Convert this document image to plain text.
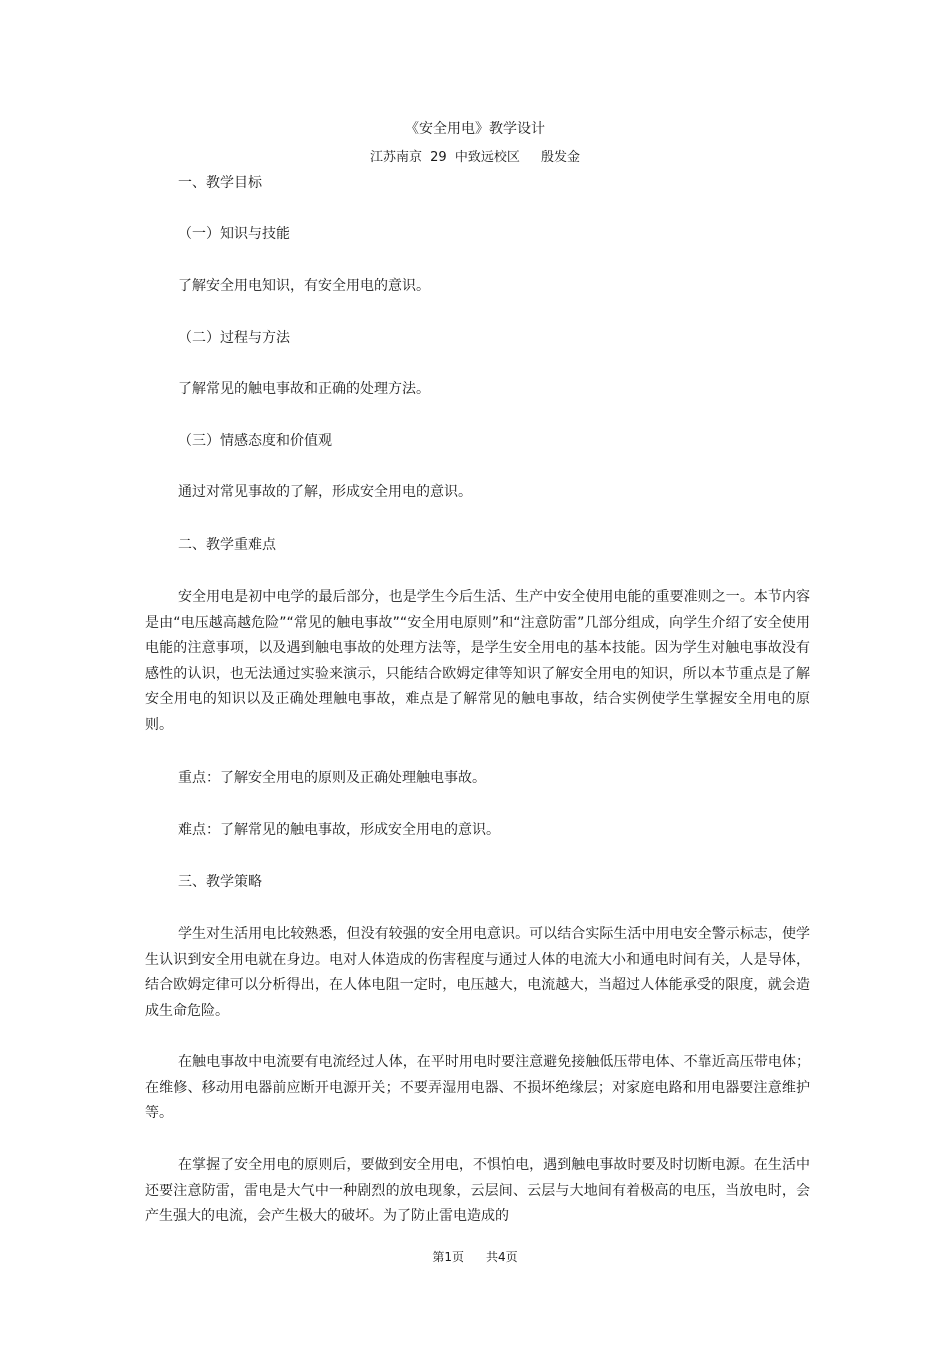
《安全用电》教学设计
江苏南京 29 中致远校区　 殷发金
一、教学目标
（一）知识与技能
了解安全用电知识，有安全用电的意识。
（二）过程与方法
了解常见的触电事故和正确的处理方法。
（三）情感态度和价值观
通过对常见事故的了解，形成安全用电的意识。
二、教学重难点
安全用电是初中电学的最后部分，也是学生今后生活、生产中安全使用电能的重要准则之一。本节内容是由“电压越高越危险”“常见的触电事故”“安全用电原则”和“注意防雷”几部分组成，向学生介绍了安全使用电能的注意事项，以及遇到触电事故的处理方法等，是学生安全用电的基本技能。因为学生对触电事故没有感性的认识，也无法通过实验来演示，只能结合欧姆定律等知识了解安全用电的知识，所以本节重点是了解安全用电的知识以及正确处理触电事故，难点是了解常见的触电事故，结合实例使学生掌握安全用电的原则。
重点：了解安全用电的原则及正确处理触电事故。
难点：了解常见的触电事故，形成安全用电的意识。
三、教学策略
学生对生活用电比较熟悉，但没有较强的安全用电意识。可以结合实际生活中用电安全警示标志，使学生认识到安全用电就在身边。电对人体造成的伤害程度与通过人体的电流大小和通电时间有关，人是导体，结合欧姆定律可以分析得出，在人体电阻一定时，电压越大，电流越大，当超过人体能承受的限度，就会造成生命危险。
在触电事故中电流要有电流经过人体，在平时用电时要注意避免接触低压带电体、不靠近高压带电体；在维修、移动用电器前应断开电源开关；不要弄湿用电器、不损坏绝缘层；对家庭电路和用电器要注意维护等。
在掌握了安全用电的原则后，要做到安全用电，不惧怕电，遇到触电事故时要及时切断电源。在生活中还要注意防雷，雷电是大气中一种剧烈的放电现象，云层间、云层与大地间有着极高的电压，当放电时，会产生强大的电流，会产生极大的破坏。为了防止雷电造成的
第1页 共4页
